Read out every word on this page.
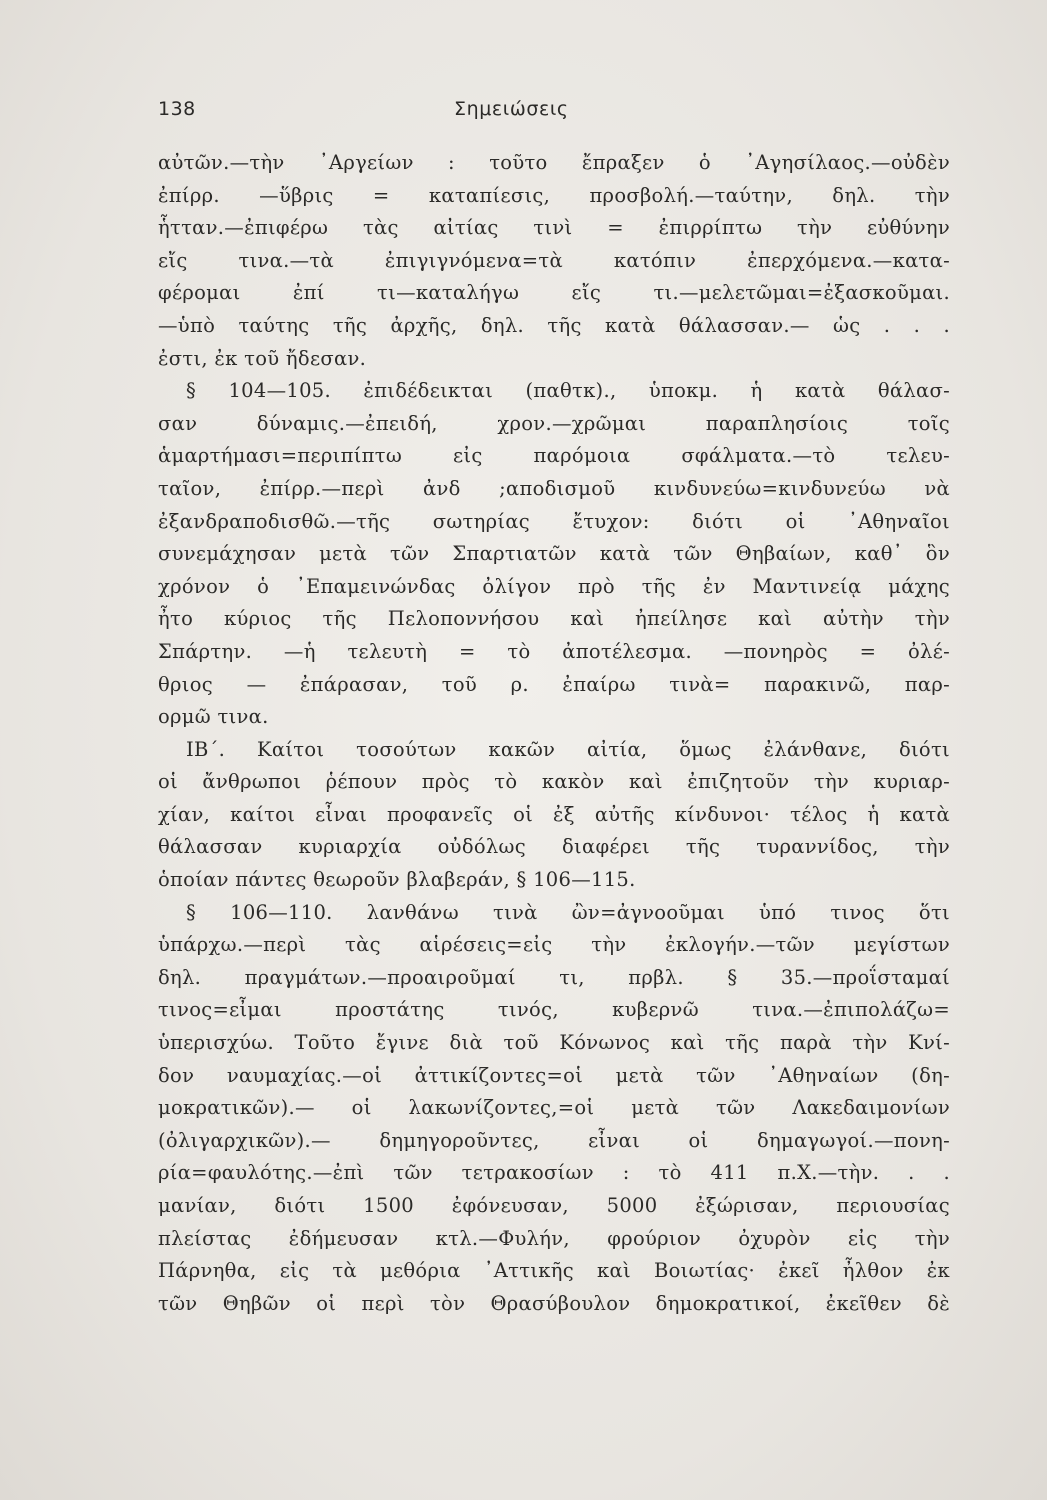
138	Σημειώσεις
αὐτῶν.—τὴν ᾿Αργείων : τοῦτο ἔπραξεν ὁ ᾿Αγησίλαος.—οὐδὲν
ἐπίρρ. —ὕβρις = καταπίεσις, προσβολή.—ταύτην, δηλ. τὴν
ἧτταν.—ἐπιφέρω τὰς αἰτίας τινὶ = ἐπιρρίπτω τὴν εὐθύνην
εἴς τινα.—τὰ ἐπιγιγνόμενα=τὰ κατόπιν ἐπερχόμενα.—κατα-
φέρομαι ἐπί τι—καταλήγω εἴς τι.—μελετῶμαι=ἐξασκοῦμαι.
—ὑπὸ ταύτης τῆς ἀρχῆς, δηλ. τῆς κατὰ θάλασσαν.— ὡς . . .
ἐστι, ἐκ τοῦ ἤδεσαν.
§ 104—105. ἐπιδέδεικται (παθτκ)., ὑποκμ. ἡ κατὰ θάλασ-
σαν δύναμις.—ἐπειδή, χρον.—χρῶμαι παραπλησίοις τοῖς
ἁμαρτήμασι=περιπίπτω εἰς παρόμοια σφάλματα.—τὸ τελευ-
ταῖον, ἐπίρρ.—περὶ ἀνδ ;αποδισμοῦ κινδυνεύω=κινδυνεύω νὰ
ἐξανδραποδισθῶ.—τῆς σωτηρίας ἔτυχον: διότι οἱ ᾿Αθηναῖοι
συνεμάχησαν μετὰ τῶν Σπαρτιατῶν κατὰ τῶν Θηβαίων, καθ᾿ ὃν
χρόνον ὁ ᾿Επαμεινώνδας ὀλίγον πρὸ τῆς ἐν Μαντινείᾳ μάχης
ἦτο κύριος τῆς Πελοποννήσου καὶ ἠπείλησε καὶ αὐτὴν τὴν
Σπάρτην. —ἡ τελευτὴ = τὸ ἀποτέλεσμα. —πονηρὸς = ὀλέ-
θριος — ἐπάρασαν, τοῦ ρ. ἐπαίρω τινὰ= παρακινῶ, παρ-
ορμῶ τινα.
ΙΒ΄. Καίτοι τοσούτων κακῶν αἰτία, ὅμως ἐλάνθανε, διότι
οἱ ἄνθρωποι ῥέπουν πρὸς τὸ κακὸν καὶ ἐπιζητοῦν τὴν κυριαρ-
χίαν, καίτοι εἶναι προφανεῖς οἱ ἐξ αὐτῆς κίνδυνοι· τέλος ἡ κατὰ
θάλασσαν κυριαρχία οὐδόλως διαφέρει τῆς τυραννίδος, τὴν
ὁποίαν πάντες θεωροῦν βλαβεράν, § 106—115.
§ 106—110. λανθάνω τινὰ ὢν=ἀγνοοῦμαι ὑπό τινος ὅτι
ὑπάρχω.—περὶ τὰς αἱρέσεις=εἰς τὴν ἐκλογήν.—τῶν μεγίστων
δηλ. πραγμάτων.—προαιροῦμαί τι, πρβλ. § 35.—προΐσταμαί
τινος=εἶμαι προστάτης τινός, κυβερνῶ τινα.—ἐπιπολάζω=
ὑπερισχύω. Τοῦτο ἔγινε διὰ τοῦ Κόνωνος καὶ τῆς παρὰ τὴν Κνί-
δον ναυμαχίας.—οἱ ἀττικίζοντες=οἱ μετὰ τῶν ᾿Αθηναίων (δη-
μοκρατικῶν).— οἱ λακωνίζοντες,=οἱ μετὰ τῶν Λακεδαιμονίων
(ὀλιγαρχικῶν).— δημηγοροῦντες, εἶναι οἱ δημαγωγοί.—πονη-
ρία=φαυλότης.—ἐπὶ τῶν τετρακοσίων : τὸ 411 π.Χ.—τὴν. . .
μανίαν, διότι 1500 ἐφόνευσαν, 5000 ἐξώρισαν, περιουσίας
πλείστας ἐδήμευσαν κτλ.—Φυλήν, φρούριον ὀχυρὸν εἰς τὴν
Πάρνηθα, εἰς τὰ μεθόρια ᾿Αττικῆς καὶ Βοιωτίας· ἐκεῖ ἦλθον ἐκ
τῶν Θηβῶν οἱ περὶ τὸν Θρασύβουλον δημοκρατικοί, ἐκεῖθεν δὲ
